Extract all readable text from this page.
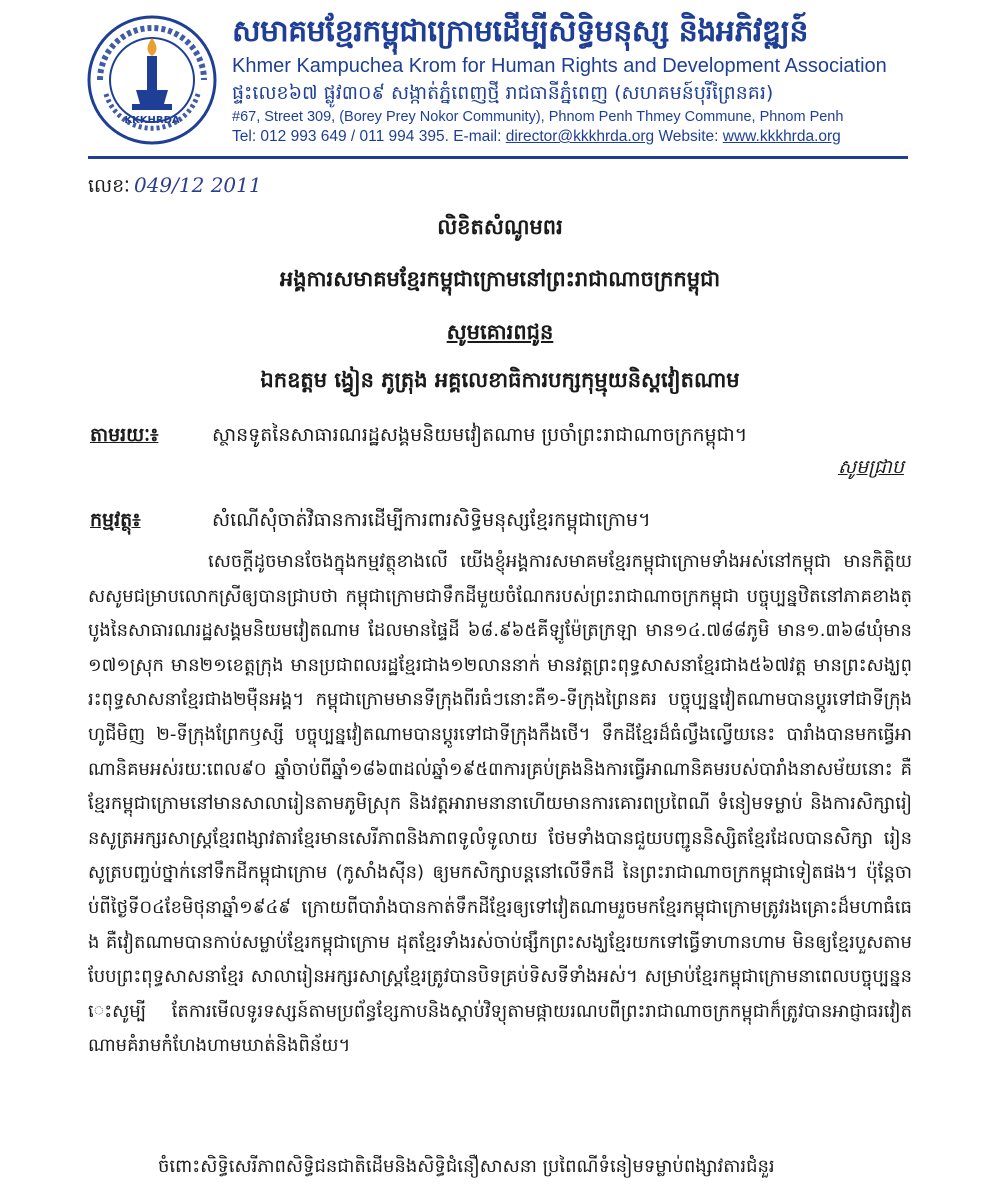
KKKHRDA
សមាគមខ្មែរកម្ពុជាក្រោមដើម្បីសិទ្ធិមនុស្ស និងអភិវឌ្ឍន៍
Khmer Kampuchea Krom for Human Rights and Development Association
ផ្ទះលេខ៦៧ ផ្លូវ៣០៩ សង្កាត់ភ្នំពេញថ្មី រាជធានីភ្នំពេញ (សហគមន៍បុរីព្រៃនគរ)
#67, Street 309, (Borey Prey Nokor Community), Phnom Penh Thmey Commune, Phnom Penh
Tel: 012 993 649 / 011 994 395. E-mail: director@kkkhrda.org Website: www.kkkhrda.org
លេខៈ 049/12 2011
លិខិតសំណូមពរ
អង្គការសមាគមខ្មែរកម្ពុជាក្រោមនៅព្រះរាជាណាចក្រកម្ពុជា
សូមគោរពជូន
ឯកឧត្តម ង្វៀន ភូត្រុង អគ្គលេខាធិការបក្សកុម្មុយនិស្តវៀតណាម
តាមរយៈ៖	ស្ថានទូតនៃសាធារណរដ្ឋសង្គមនិយមវៀតណាម ប្រចាំព្រះរាជាណាចក្រកម្ពុជា។
សូមជ្រាប
កម្មវត្ថុ៖	សំណើសុំចាត់វិធានការដើម្បីការពារសិទ្ធិមនុស្សខ្មែរកម្ពុជាក្រោម។
សេចក្តីដូចមានចែងក្នុងកម្មវត្ថុខាងលើ យើងខ្ញុំអង្គការសមាគមខ្មែរកម្ពុជាក្រោមទាំងអស់នៅកម្ពុជា មានកិត្តិយសសូមជម្រាបលោកស្រីឲ្យបានជ្រាបថា កម្ពុជាក្រោមជាទឹកដីមួយចំណែករបស់ព្រះរាជាណាចក្រកម្ពុជា បច្ចុប្បន្នឋិតនៅភាគខាងត្បូងនៃសាធារណរដ្ឋសង្គមនិយមវៀតណាម ដែលមានផ្ទៃដី ៦៨.៩៦៥គីឡូម៉ែត្រក្រឡា មាន១៤.៧៨៨ភូមិ មាន១.៣៦៨ឃុំមាន១៧១ស្រុក មាន២១ខេត្តក្រុង មានប្រជាពលរដ្ឋខ្មែរជាង១២លាននាក់ មានវត្តព្រះពុទ្ធសាសនាខ្មែរជាង៥៦៧វត្ត មានព្រះសង្ឃព្រះពុទ្ធសាសនាខ្មែរជាង២ម៉ឺនអង្គ។ កម្ពុជាក្រោមមានទីក្រុងពីរធំៗនោះគឺ១-ទីក្រុងព្រៃនគរ បច្ចុប្បន្នវៀតណាមបានប្តូរទៅជាទីក្រុងហូជីមិញ ២-ទីក្រុងព្រែកឫស្សី បច្ចុប្បន្នវៀតណាមបានប្តូរទៅជាទីក្រុងកឹងថើ។ ទឹកដីខ្មែរដ៏ធំល្វឹងល្វើយនេះ បារាំងបានមកធ្វើអាណានិគមអស់រយៈពេល៩០ ឆ្នាំចាប់ពីឆ្នាំ១៨៦៣ដល់ឆ្នាំ១៩៥៣ការគ្រប់គ្រងនិងការធ្វើអាណានិគមរបស់បារាំងនាសម័យនោះ គឺខ្មែរកម្ពុជាក្រោមនៅមានសាលារៀនតាមភូមិស្រុក និងវត្តអារាមនានាហើយមានការគោរពប្រពៃណី ទំនៀមទម្លាប់ និងការសិក្សារៀនសូត្រអក្សរសាស្ត្រខ្មែរពង្សាវតារខ្មែរមានសេរីភាពនិងភាពទូលំទូលាយ ថែមទាំងបានជួយបញ្ជូននិស្សិតខ្មែរដែលបានសិក្សា រៀនសូត្របញ្ចប់ថ្នាក់នៅទឹកដីកម្ពុជាក្រោម (កូសាំងស៊ីន) ឲ្យមកសិក្សាបន្តនៅលើទឹកដី នៃព្រះរាជាណាចក្រកម្ពុជាទៀតផង។ ប៉ុន្តែចាប់ពីថ្ងៃទី០៤ខែមិថុនាឆ្នាំ១៩៤៩ ក្រោយពីបារាំងបានកាត់ទឹកដីខ្មែរឲ្យទៅវៀតណាមរួចមកខ្មែរកម្ពុជាក្រោមត្រូវរងគ្រោះដ៏មហាធំធេង គឺវៀតណាមបានកាប់សម្លាប់ខ្មែរកម្ពុជាក្រោម ដុតខ្មែរទាំងរស់ចាប់ផ្សឹកព្រះសង្ឃខ្មែរយកទៅធ្វើទាហានហាម មិនឲ្យខ្មែរបួសតាមបែបព្រះពុទ្ធសាសនាខ្មែរ សាលារៀនអក្សរសាស្ត្រខ្មែរត្រូវបានបិទគ្រប់ទិសទីទាំងអស់។ សម្រាប់ខ្មែរកម្ពុជាក្រោមនាពេលបច្ចុប្បន្ននេះសូម្បី តែការមើលទូរទស្សន៍តាមប្រព័ន្ធខ្សែកាបនិងស្តាប់វិទ្យុតាមផ្កាយរណបពីព្រះរាជាណាចក្រកម្ពុជាក៏ត្រូវបានអាជ្ញាធរវៀតណាមគំរាមកំហែងហាមឃាត់និងពិន័យ។
ចំពោះសិទ្ធិសេរីភាពសិទ្ធិជនជាតិដើមនិងសិទ្ធិជំនឿសាសនា ប្រពៃណីទំនៀមទម្លាប់ពង្សាវតារជំនួរ
